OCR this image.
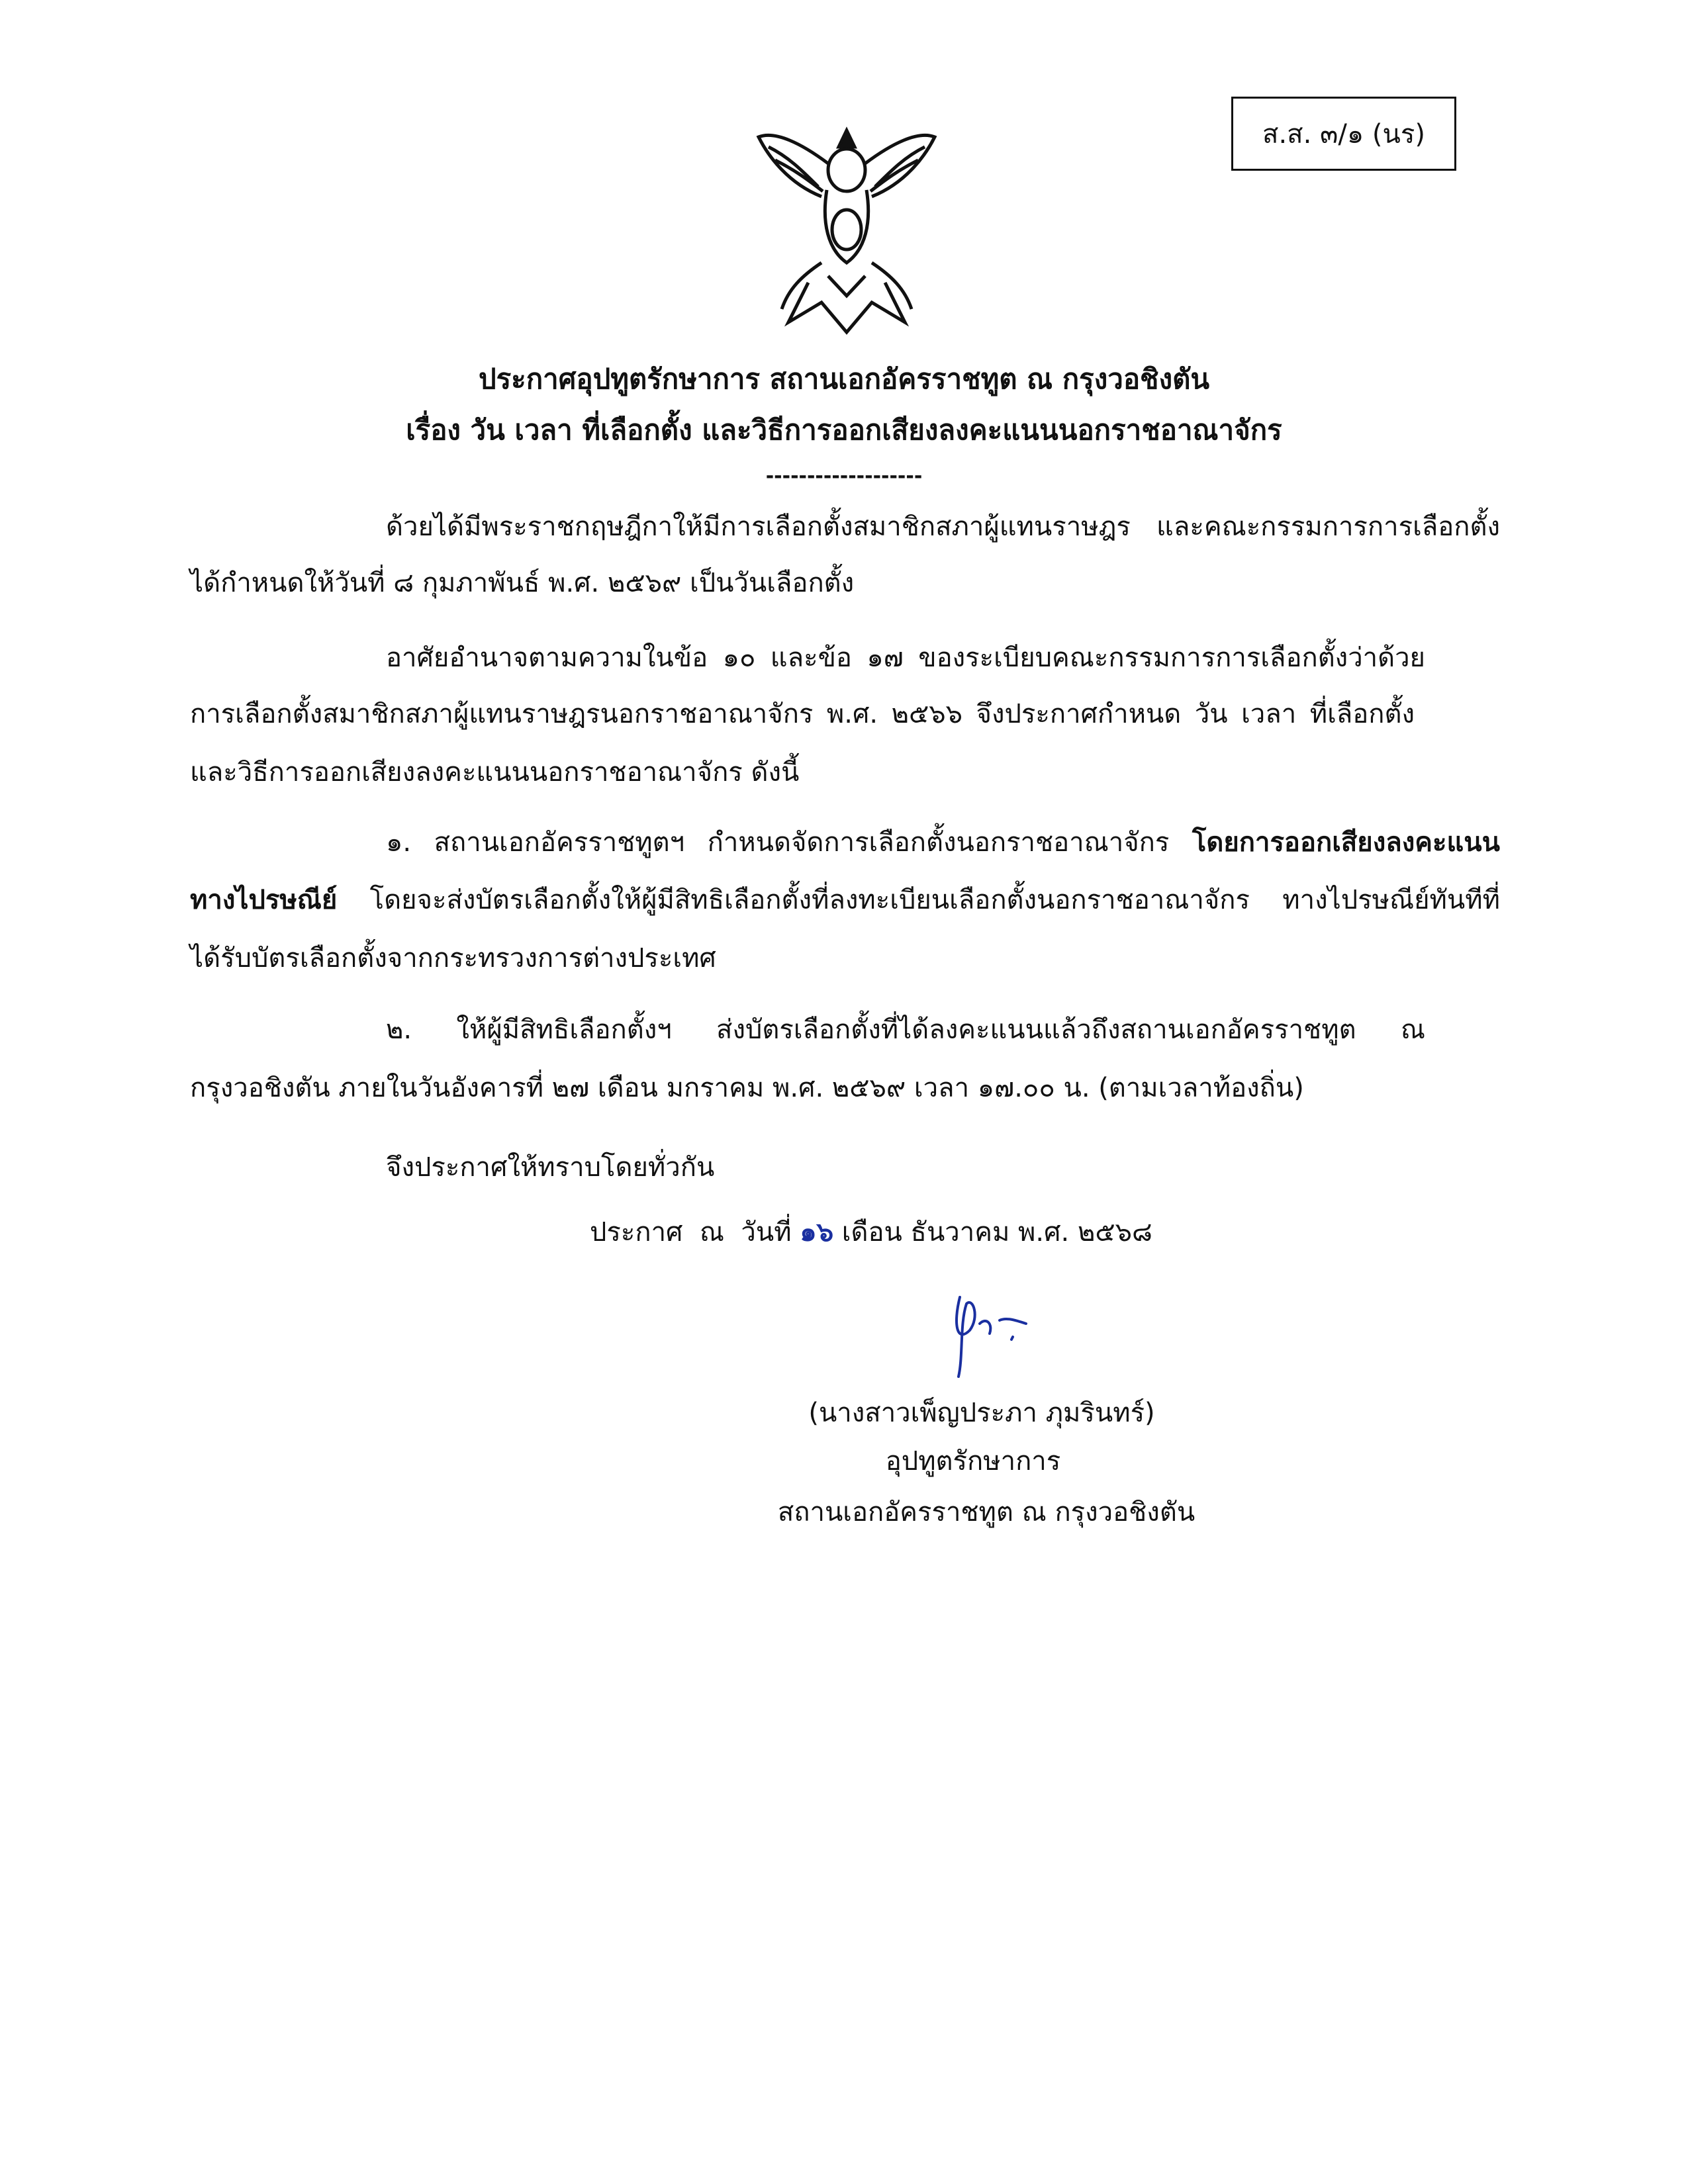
ส.ส. ๓/๑ (นร)
ประกาศอุปทูตรักษาการ สถานเอกอัครราชทูต ณ กรุงวอชิงตัน
เรื่อง วัน เวลา ที่เลือกตั้ง และวิธีการออกเสียงลงคะแนนนอกราชอาณาจักร
-------------------
ด้วยได้มีพระราชกฤษฎีกาให้มีการเลือกตั้งสมาชิกสภาผู้แทนราษฎร และคณะกรรมการการเลือกตั้ง
ได้กำหนดให้วันที่ ๘ กุมภาพันธ์ พ.ศ. ๒๕๖๙ เป็นวันเลือกตั้ง
อาศัยอำนาจตามความในข้อ ๑๐ และข้อ ๑๗ ของระเบียบคณะกรรมการการเลือกตั้งว่าด้วย
การเลือกตั้งสมาชิกสภาผู้แทนราษฎรนอกราชอาณาจักร พ.ศ. ๒๕๖๖ จึงประกาศกำหนด วัน เวลา ที่เลือกตั้ง
และวิธีการออกเสียงลงคะแนนนอกราชอาณาจักร ดังนี้
๑. สถานเอกอัครราชทูตฯ กำหนดจัดการเลือกตั้งนอกราชอาณาจักร โดยการออกเสียงลงคะแนน
ทางไปรษณีย์ โดยจะส่งบัตรเลือกตั้งให้ผู้มีสิทธิเลือกตั้งที่ลงทะเบียนเลือกตั้งนอกราชอาณาจักร ทางไปรษณีย์ทันทีที่
ได้รับบัตรเลือกตั้งจากกระทรวงการต่างประเทศ
๒. ให้ผู้มีสิทธิเลือกตั้งฯ ส่งบัตรเลือกตั้งที่ได้ลงคะแนนแล้วถึงสถานเอกอัครราชทูต ณ
กรุงวอชิงตัน ภายในวันอังคารที่ ๒๗ เดือน มกราคม พ.ศ. ๒๕๖๙ เวลา ๑๗.๐๐ น. (ตามเวลาท้องถิ่น)
จึงประกาศให้ทราบโดยทั่วกัน
ประกาศ  ณ  วันที่ ๑๖ เดือน ธันวาคม พ.ศ. ๒๕๖๘
(นางสาวเพ็ญประภา ภุมรินทร์)
อุปทูตรักษาการ
สถานเอกอัครราชทูต ณ กรุงวอชิงตัน
